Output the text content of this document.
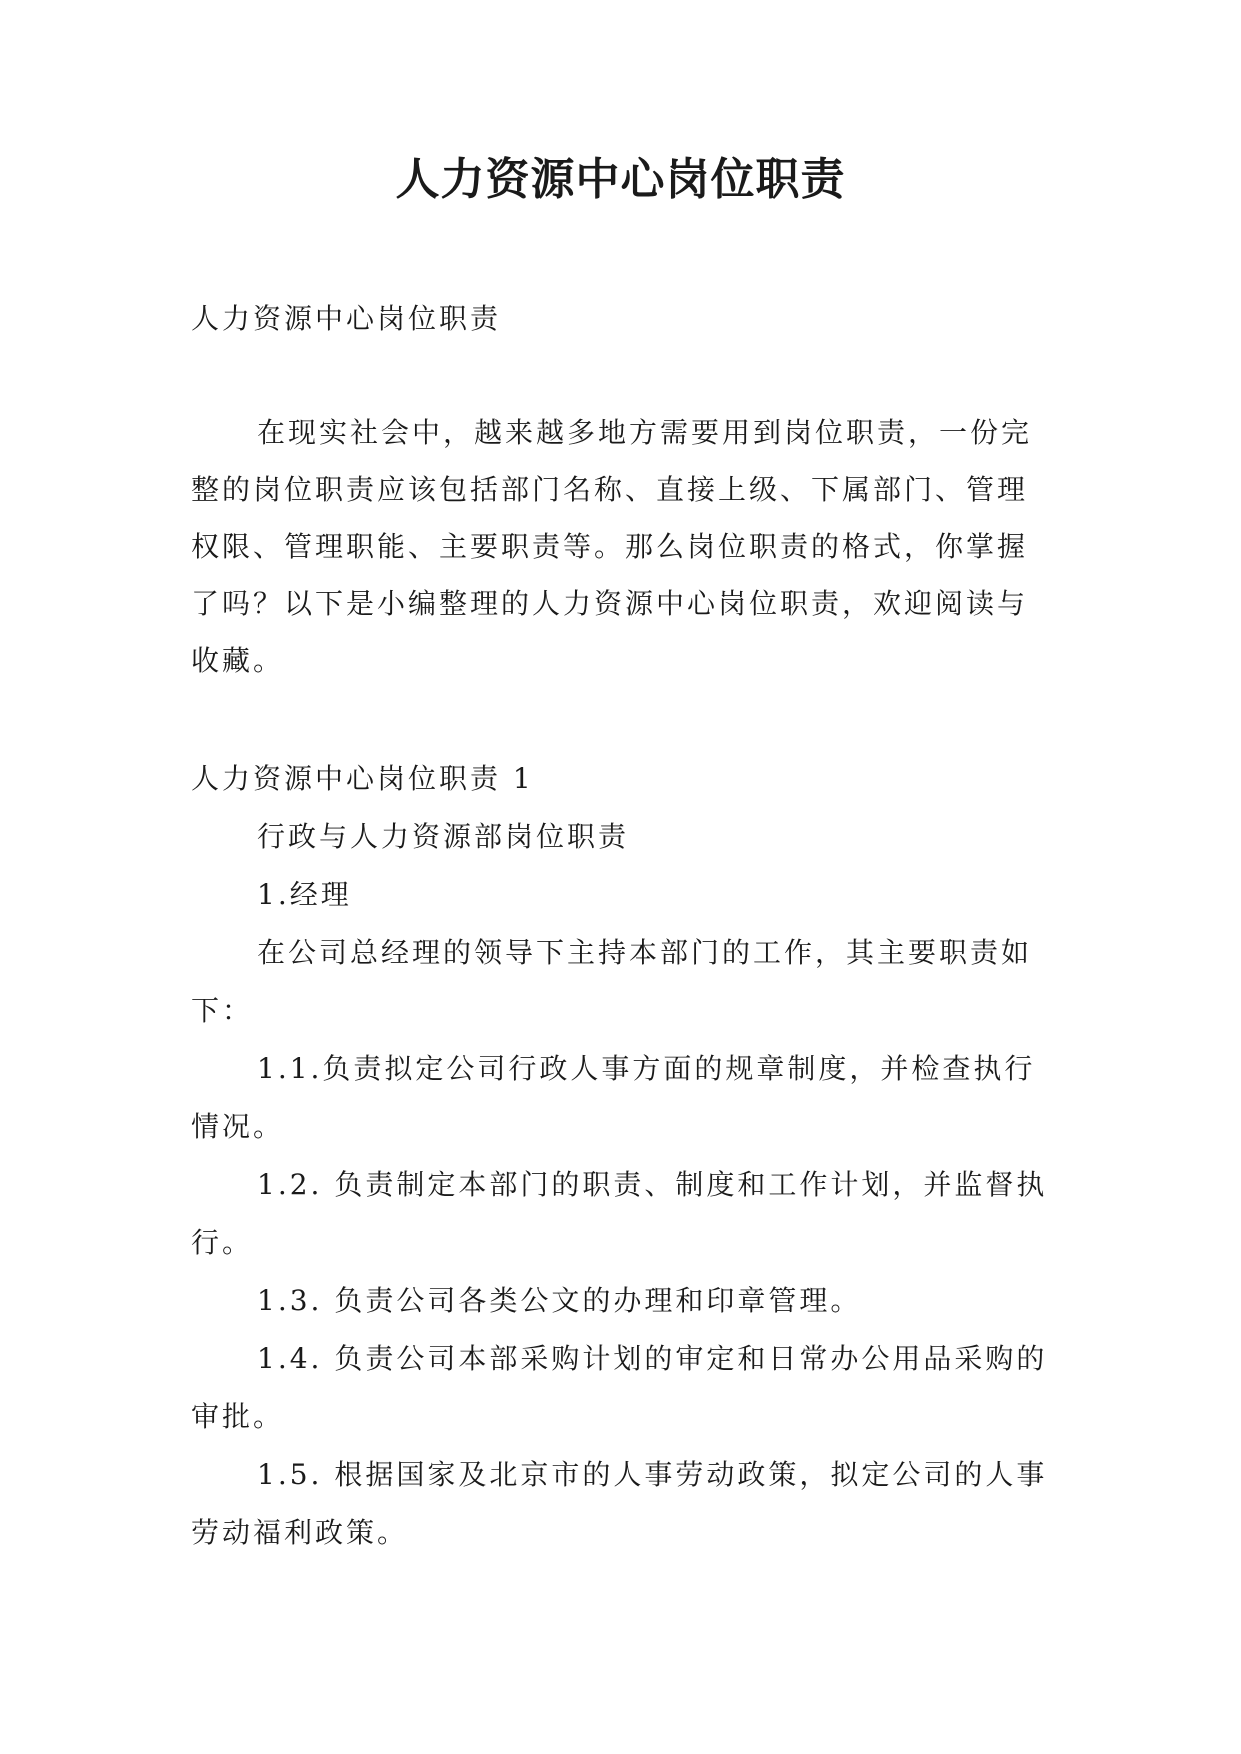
人力资源中心岗位职责

人力资源中心岗位职责

在现实社会中，越来越多地方需要用到岗位职责，一份完整的岗位职责应该包括部门名称、直接上级、下属部门、管理权限、管理职能、主要职责等。那么岗位职责的格式，你掌握了吗？以下是小编整理的人力资源中心岗位职责，欢迎阅读与收藏。

人力资源中心岗位职责 1

行政与人力资源部岗位职责

1.经理

在公司总经理的领导下主持本部门的工作，其主要职责如下：

1.1.负责拟定公司行政人事方面的规章制度，并检查执行情况。

1.2. 负责制定本部门的职责、制度和工作计划，并监督执行。

1.3. 负责公司各类公文的办理和印章管理。

1.4. 负责公司本部采购计划的审定和日常办公用品采购的审批。

1.5. 根据国家及北京市的人事劳动政策，拟定公司的人事劳动福利政策。
